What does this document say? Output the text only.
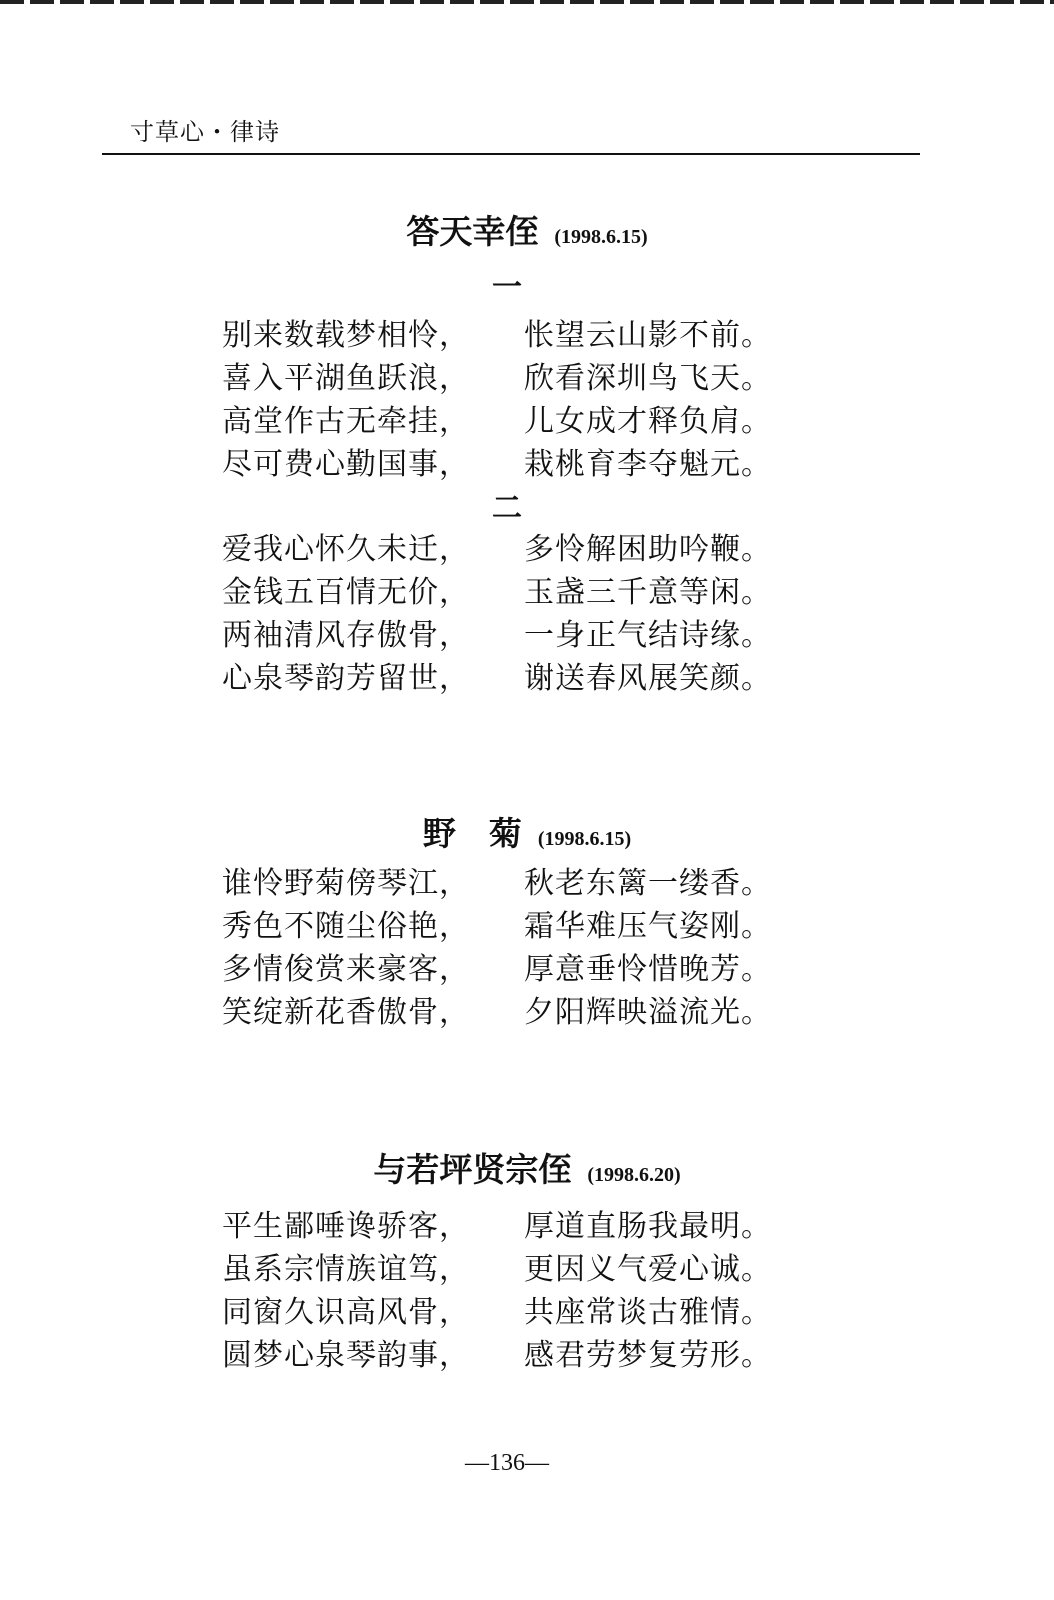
寸草心・律诗
答天幸侄 (1998.6.15)
一
别来数载梦相怜，	怅望云山影不前。
喜入平湖鱼跃浪，	欣看深圳鸟飞天。
高堂作古无牵挂，	儿女成才释负肩。
尽可费心勤国事，	栽桃育李夺魁元。
二
爱我心怀久未迁，	多怜解困助吟鞭。
金钱五百情无价，	玉盏三千意等闲。
两袖清风存傲骨，	一身正气结诗缘。
心泉琴韵芳留世，	谢送春风展笑颜。
野　菊 (1998.6.15)
谁怜野菊傍琴江，	秋老东篱一缕香。
秀色不随尘俗艳，	霜华难压气姿刚。
多情俊赏来豪客，	厚意垂怜惜晚芳。
笑绽新花香傲骨，	夕阳辉映溢流光。
与若坪贤宗侄 (1998.6.20)
平生鄙唾谗骄客，	厚道直肠我最明。
虽系宗情族谊笃，	更因义气爱心诚。
同窗久识高风骨，	共座常谈古雅情。
圆梦心泉琴韵事，	感君劳梦复劳形。
—136—
